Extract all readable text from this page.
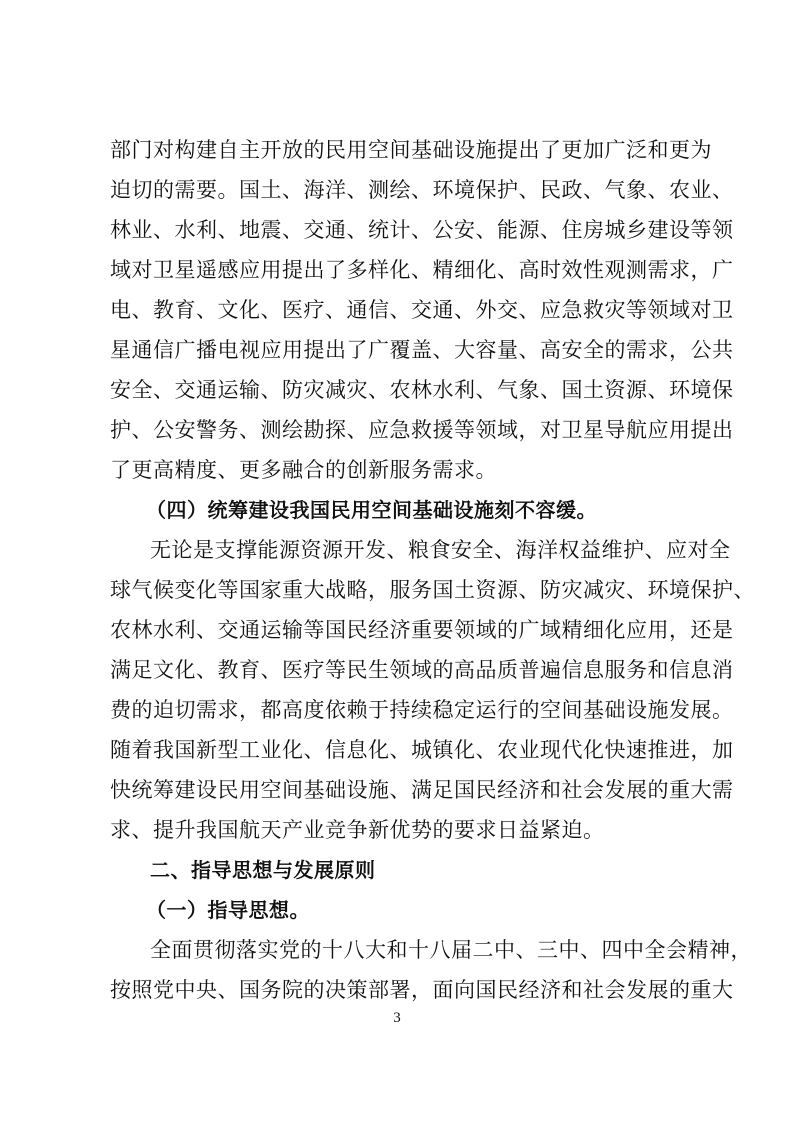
部门对构建自主开放的民用空间基础设施提出了更加广泛和更为
迫切的需要。国土、海洋、测绘、环境保护、民政、气象、农业、
林业、水利、地震、交通、统计、公安、能源、住房城乡建设等领
域对卫星遥感应用提出了多样化、精细化、高时效性观测需求，广
电、教育、文化、医疗、通信、交通、外交、应急救灾等领域对卫
星通信广播电视应用提出了广覆盖、大容量、高安全的需求，公共
安全、交通运输、防灾减灾、农林水利、气象、国土资源、环境保
护、公安警务、测绘勘探、应急救援等领域，对卫星导航应用提出
了更高精度、更多融合的创新服务需求。
（四）统筹建设我国民用空间基础设施刻不容缓。
无论是支撑能源资源开发、粮食安全、海洋权益维护、应对全
球气候变化等国家重大战略，服务国土资源、防灾减灾、环境保护、
农林水利、交通运输等国民经济重要领域的广域精细化应用，还是
满足文化、教育、医疗等民生领域的高品质普遍信息服务和信息消
费的迫切需求，都高度依赖于持续稳定运行的空间基础设施发展。
随着我国新型工业化、信息化、城镇化、农业现代化快速推进，加
快统筹建设民用空间基础设施、满足国民经济和社会发展的重大需
求、提升我国航天产业竞争新优势的要求日益紧迫。
二、指导思想与发展原则
（一）指导思想。
全面贯彻落实党的十八大和十八届二中、三中、四中全会精神，
按照党中央、国务院的决策部署，面向国民经济和社会发展的重大
3
